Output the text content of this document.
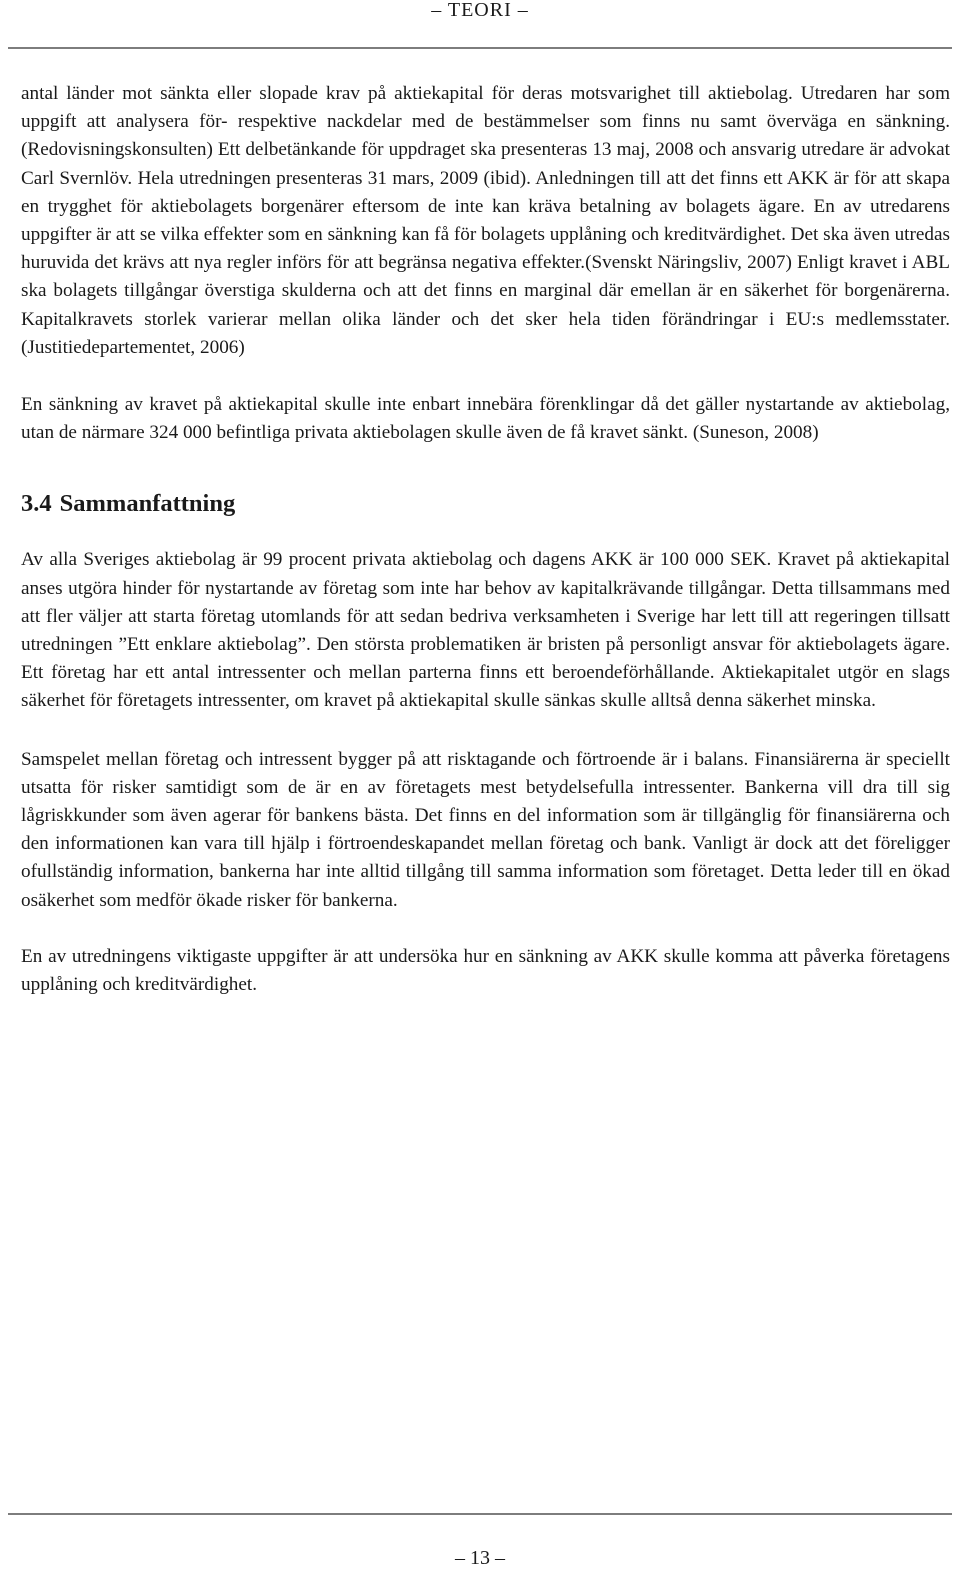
– TEORI –

antal länder mot sänkta eller slopade krav på aktiekapital för deras motsvarighet till aktiebolag. Utredaren har som uppgift att analysera för- respektive nackdelar med de bestämmelser som finns nu samt överväga en sänkning.(Redovisningskonsulten) Ett delbetänkande för uppdraget ska presenteras 13 maj, 2008 och ansvarig utredare är advokat Carl Svernlöv. Hela utredningen presenteras 31 mars, 2009 (ibid). Anledningen till att det finns ett AKK är för att skapa en trygghet för aktiebolagets borgenärer eftersom de inte kan kräva betalning av bolagets ägare. En av utredarens uppgifter är att se vilka effekter som en sänkning kan få för bolagets upplåning och kreditvärdighet. Det ska även utredas huruvida det krävs att nya regler införs för att begränsa negativa effekter.(Svenskt Näringsliv, 2007) Enligt kravet i ABL ska bolagets tillgångar överstiga skulderna och att det finns en marginal där emellan är en säkerhet för borgenärerna. Kapitalkravets storlek varierar mellan olika länder och det sker hela tiden förändringar i EU:s medlemsstater. (Justitiedepartementet, 2006)

En sänkning av kravet på aktiekapital skulle inte enbart innebära förenklingar då det gäller nystartande av aktiebolag, utan de närmare 324 000 befintliga privata aktiebolagen skulle även de få kravet sänkt. (Suneson, 2008)

3.4 Sammanfattning

Av alla Sveriges aktiebolag är 99 procent privata aktiebolag och dagens AKK är 100 000 SEK. Kravet på aktiekapital anses utgöra hinder för nystartande av företag som inte har behov av kapitalkrävande tillgångar. Detta tillsammans med att fler väljer att starta företag utomlands för att sedan bedriva verksamheten i Sverige har lett till att regeringen tillsatt utredningen ”Ett enklare aktiebolag”. Den största problematiken är bristen på personligt ansvar för aktiebolagets ägare. Ett företag har ett antal intressenter och mellan parterna finns ett beroendeförhållande. Aktiekapitalet utgör en slags säkerhet för företagets intressenter, om kravet på aktiekapital skulle sänkas skulle alltså denna säkerhet minska.

Samspelet mellan företag och intressent bygger på att risktagande och förtroende är i balans. Finansiärerna är speciellt utsatta för risker samtidigt som de är en av företagets mest betydelsefulla intressenter. Bankerna vill dra till sig lågriskkunder som även agerar för bankens bästa. Det finns en del information som är tillgänglig för finansiärerna och den informationen kan vara till hjälp i förtroendeskapandet mellan företag och bank. Vanligt är dock att det föreligger ofullständig information, bankerna har inte alltid tillgång till samma information som företaget. Detta leder till en ökad osäkerhet som medför ökade risker för bankerna.

En av utredningens viktigaste uppgifter är att undersöka hur en sänkning av AKK skulle komma att påverka företagens upplåning och kreditvärdighet.

– 13 –
